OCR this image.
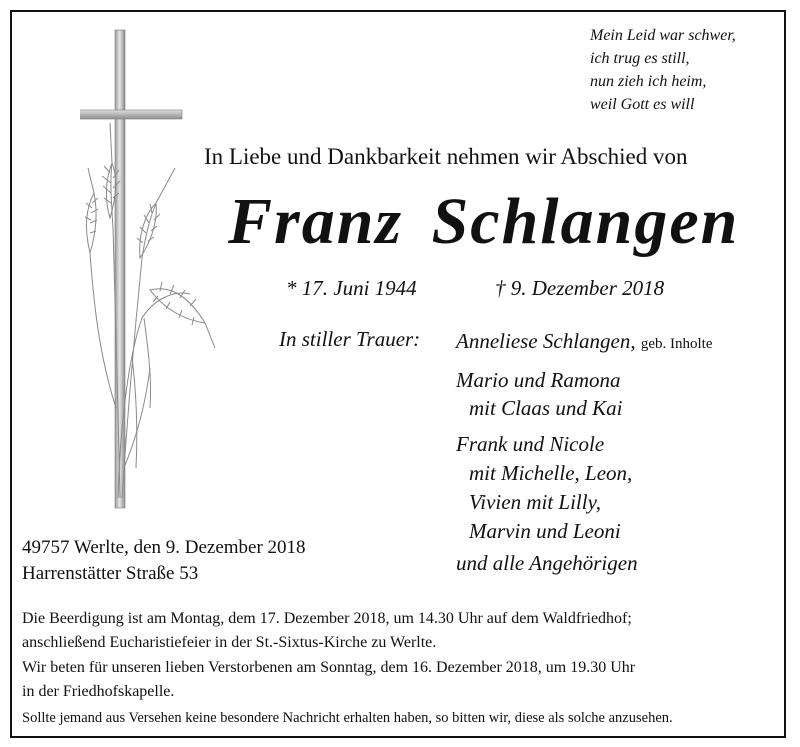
Mein Leid war schwer,
ich trug es still,
nun zieh ich heim,
weil Gott es will
In Liebe und Dankbarkeit nehmen wir Abschied von
Franz Schlangen
* 17. Juni 1944	† 9. Dezember 2018
In stiller Trauer: Anneliese Schlangen, geb. Inholte
Mario und Ramona
mit Claas und Kai
Frank und Nicole
mit Michelle, Leon,
Vivien mit Lilly,
Marvin und Leoni
und alle Angehörigen
49757 Werlte, den 9. Dezember 2018
Harrenstätter Straße 53
Die Beerdigung ist am Montag, dem 17. Dezember 2018, um 14.30 Uhr auf dem Waldfriedhof;
anschließend Eucharistiefeier in der St.-Sixtus-Kirche zu Werlte.
Wir beten für unseren lieben Verstorbenen am Sonntag, dem 16. Dezember 2018, um 19.30 Uhr
in der Friedhofskapelle.
Sollte jemand aus Versehen keine besondere Nachricht erhalten haben, so bitten wir, diese als solche anzusehen.
